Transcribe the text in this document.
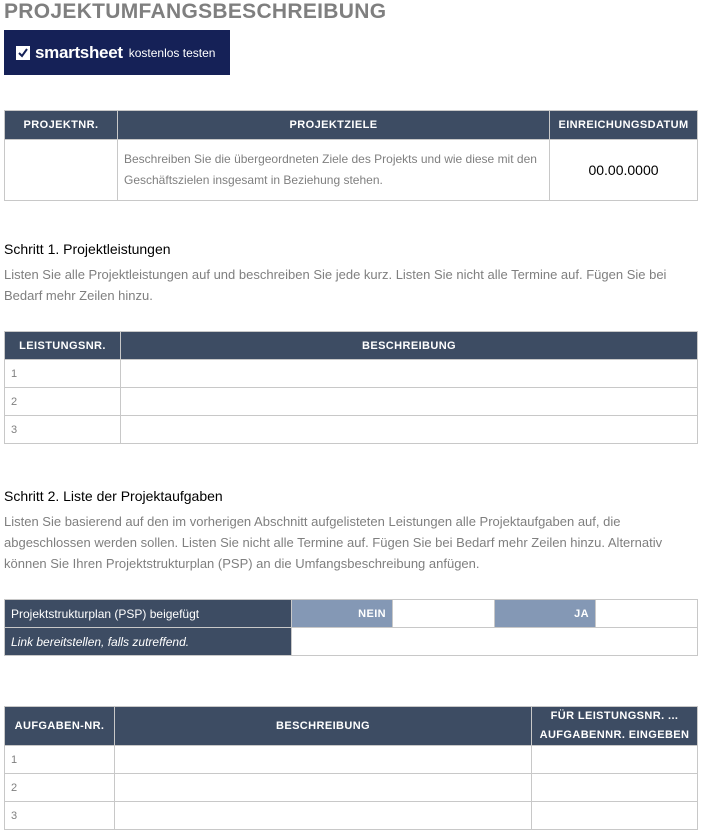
PROJEKTUMFANGSBESCHREIBUNG
smartsheet kostenlos testen
PROJEKTNR.	PROJEKTZIELE	EINREICHUNGSDATUM
	Beschreiben Sie die übergeordneten Ziele des Projekts und wie diese mit den Geschäftszielen insgesamt in Beziehung stehen.	00.00.0000
Schritt 1. Projektleistungen

Listen Sie alle Projektleistungen auf und beschreiben Sie jede kurz. Listen Sie nicht alle Termine auf. Fügen Sie bei Bedarf mehr Zeilen hinzu.

LEISTUNGSNR.	BESCHREIBUNG
1	
2	
3	
Schritt 2. Liste der Projektaufgaben

Listen Sie basierend auf den im vorherigen Abschnitt aufgelisteten Leistungen alle Projektaufgaben auf, die abgeschlossen werden sollen. Listen Sie nicht alle Termine auf. Fügen Sie bei Bedarf mehr Zeilen hinzu. Alternativ können Sie Ihren Projektstrukturplan (PSP) an die Umfangsbeschreibung anfügen.

Projektstrukturplan (PSP) beigefügt	NEIN		JA	
Link bereitstellen, falls zutreffend.				
AUFGABEN-NR.	BESCHREIBUNG	FÜR LEISTUNGSNR. ... AUFGABENNR. EINGEBEN
1		
2		
3		
